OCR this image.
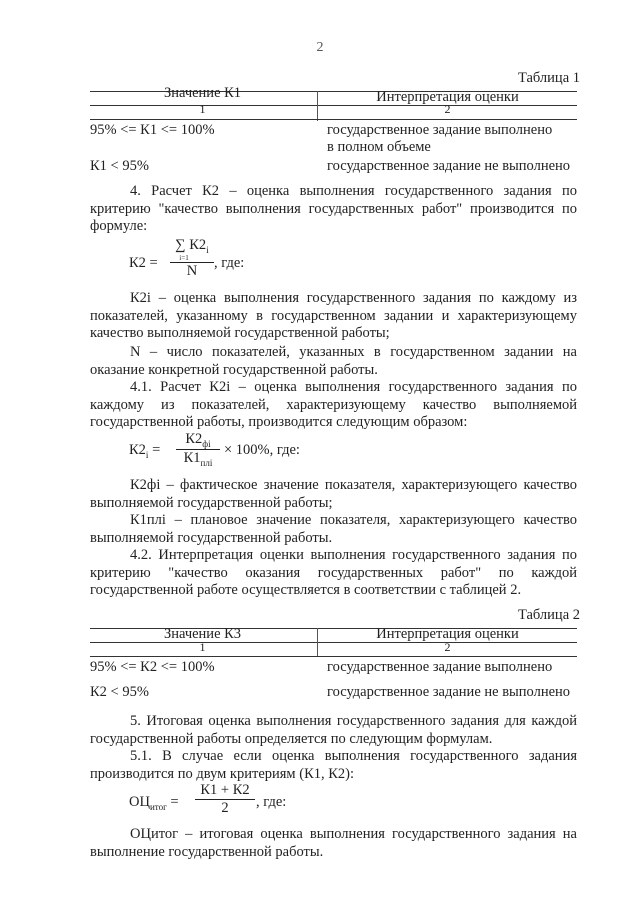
2
Таблица 1
Значение К1	Интерпретация оценки
1	2
95% <= К1 <= 100%	государственное задание выполнено
в полном объеме
К1 < 95%	государственное задание не выполнено
4. Расчет К2 – оценка выполнения государственного задания по критерию "качество выполнения государственных работ" производится по формуле:
К2 =
∑ $К2_i$
i=1
N	, где:
К2i – оценка выполнения государственного задания по каждому из показателей, указанному в государственном задании и характеризующему качество выполняемой государственной работы;
N – число показателей, указанных в государственном задании на оказание конкретной государственной работы.
4.1. Расчет К2i – оценка выполнения государственного задания по каждому из показателей, характеризующему качество выполняемой государственной работы, производится следующим образом:
$К2_i$ =
$К2_{фi}$
$К1_{плi}$
× 100%, где:
К2фi – фактическое значение показателя, характеризующего качество выполняемой государственной работы;
К1плi – плановое значение показателя, характеризующего качество выполняемой государственной работы.
4.2. Интерпретация оценки выполнения государственного задания по критерию "качество оказания государственных работ" по каждой государственной работе осуществляется в соответствии с таблицей 2.
Таблица 2
Значение К3	Интерпретация оценки
1	2
95% <= К2 <= 100%	государственное задание выполнено
К2 < 95%	государственное задание не выполнено
5. Итоговая оценка выполнения государственного задания для каждой государственной работы определяется по следующим формулам.
5.1. В случае если оценка выполнения государственного задания производится по двум критериям (К1, К2):
$ОЦ_{итог}$ =
К1 + К2
2	, где:
ОЦитог – итоговая оценка выполнения государственного задания на выполнение государственной работы.
